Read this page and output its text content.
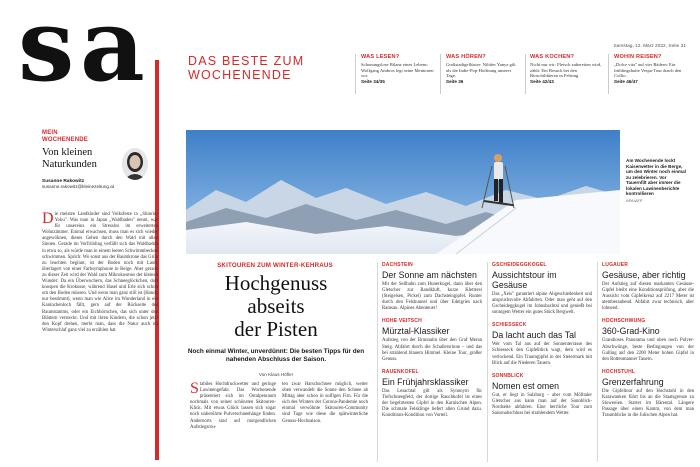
s a	Samstag, 12. März 2022, Seite 31
DAS BESTE ZUM WOCHENENDE
WAS LESEN?
Schonungslose Bilanz eines Lebens: Wolfgang Ambros legt seine Memoiren vor.
Seite 34/35
WAS HÖREN?
Großstadtgeflüster: Nilüfer Yanya gilt als die Indie-Pop-Hoffnung unserer Tage.
Seite 36
WAS KOCHEN?
Nicht nur wir: Fleisch zubereiten wird, zählt: Ein Besuch bei den Bioschildtieren in Fehring.
Seite 42/43
WOHIN REISEN?
„Dolce vita" auf vier Rädern: Ein frühlingshafte Vespa-Tour durch den Collio.
Seite 46/47
MEIN
WOCHENENDE
Von kleinen
Naturkunden
Susanne Rakowitz
susanne.rakowitz@kleinezeitung.at
Die meisten Landkinder sind Volksfeste in „Shinrin-Yoku". Was man in Japan „Waldbaden" nennt, war für unsereins ein Stresslos im erweiterten Wohnzimmer. Einmal erwachsen, muss man es sich wieder angewöhnen, dieses Gehen durch den Wald mit allen Sinnen. Gerade im Vorfrühling verfällt sich das Waldbaden in etwa so, als würde man in einem leeren Schwimmbecken schwimmen. Sprich: Wo sonst aus der Baumkrone das Grün zu leuchten beginnt, ist der Boden noch mit Laub, überlagert von einer Farbsymphonie in Beige. Aber gerade zu dieser Zeit wird der Wald zum Mikrokosmos der kleinen Wunder: Da ein Überwuchern, das Schneeglöckchen, dort knospen die Krokusse, während Hasel und Erle sich schon um den Boden müssen. Und wenn man ganz still ist (Handy nur bestimmt), wenn man wie Alice im Wunderland in ein Kaninchenloch fällt, gern auf der Rückseite des Baumstamms, oder ein Eichhörnchen, das sich unter den Blättern versteckt. Und mit ihren Kindern, die schon jetzt den Kopf drehen, merkt man, dass die Natur auch im Winterschlaf ganz viel zu erzählen hat.
Am Wochenende lockt Kaiserwetter in die Berge, um den Winter noch einmal zu zelebrieren. Vor Tauernfilt aber immer die lokalen Lawinenberichte kontrollieren
APA/AFP
SKITOUREN ZUM WINTER-KEHRAUS
Hochgenuss
abseits
der Pisten
Noch einmal Winter, unverdünnt: Die besten Tipps für den nahenden Abschluss der Saison.
Von Klaus Höfler
Stabiles Hochdruckwetter und geringe Lawinengefahr. Das Wochenende präsentiert sich im Ostalpenraum nochmals von seiner schönsten Skitouren-Klick. Mit etwas Glück lassen sich sogar noch unberührte Pulverschneehänge finden. Andernorts sind auf morgendlichen Aufstiegsrou-
ten zwar Harschschnee möglich, weiter oben verwandelt die Sonne den Schnee ab Mittag aber schon in sulfigen Firn. Für die sich des Winters der Corona-Pandemie noch einmal verwöhnte Skitouren-Community sind Tage wie diese die spätwinterliche Genuss-Hochsaison.
DACHSTEIN
Der Sonne am nächsten
Mit der Seilbahn zum Hunerkogel, dann über den Gletscher zur Randkluft, kurze Kletterei (Steigeisen, Pickel) zum Dachsteingipfel. Runter durch den Felshunnel und über Edelgries nach Ramsau. Alpines Abenteuer!
HOHE VEITSCH
Mürztal-Klassiker
Aufstieg von der Brunnalm über den Graf Meran Steig. Abfahrt durch die Schallersrinne – und das bei strahlend blauem Himmel. Kleine Tour, großer Genuss.
RAUENKOFEL
Ein Frühjahrsklassiker
Das Lesachtal gilt als Synonym für Tiefschneegfeld, der dortige Rauchkofel ist eines der begehrtesten Gipfel in den Karnischen Alpen. Die schmale Felsklinge liefert allen Grund dazu. Konditions-Kondition von Vorteil.
GSCHEIDEGGKOGEL
Aussichtstour im Gesäuse
Das „Xeis" garantiert alpine Abgeschiedenheit und anspruchsvolle Abfahrten. Oder man geht auf den Gscheideggkogel im Johnsbachtal und genießt bei sonnigem Wetter ein gutes Stück Bergwelt.
SCHIESSECK
Da lacht auch das Tal
Wer vom Tal aus auf der Sonnenterrasse des Schiesseck den Gipfelblick wagt, dem wird es verlockend. Ein Traumgipfel in der Steiermark mit Blick auf die Niederen Tauern.
SONNBLICK
Nomen est omen
Gut, er liegt in Salzburg – aber vom Mölltaler Gletscher aus kann man auf der Sonnblick-Nordseite abfahren. Eine herrliche Tour zum Saisonabschluss bei strahlendem Wetter.
LUGAUER
Gesäuse, aber richtig
Der Aufstieg auf diesen markanten Gesäuse-Gipfel bleibt eine Konditionsprüfung, aber die Aussicht vom Gipfelkreuz auf 2217 Meter ist atemberaubend. Abfahrt zwar technisch, aber lohnend.
HOCHSCHWUNG
360-Grad-Kino
Grandioses Panorama und oben noch Pulver-Abschwünge, beste Bedingungen von der Gulling auf den 2200 Meter hohen Gipfel in den Rottenmanner Tauern.
HOCHSTUHL
Grenzerfahrung
Die Gipfeltour auf den Hochstuhl in den Karawanken führt bis an die Staatsgrenze zu Slowenien. Startet im Bärental. Längere Passage über einen Kamm, von dem man Traumblicke in die Julischen Alpen hat.
